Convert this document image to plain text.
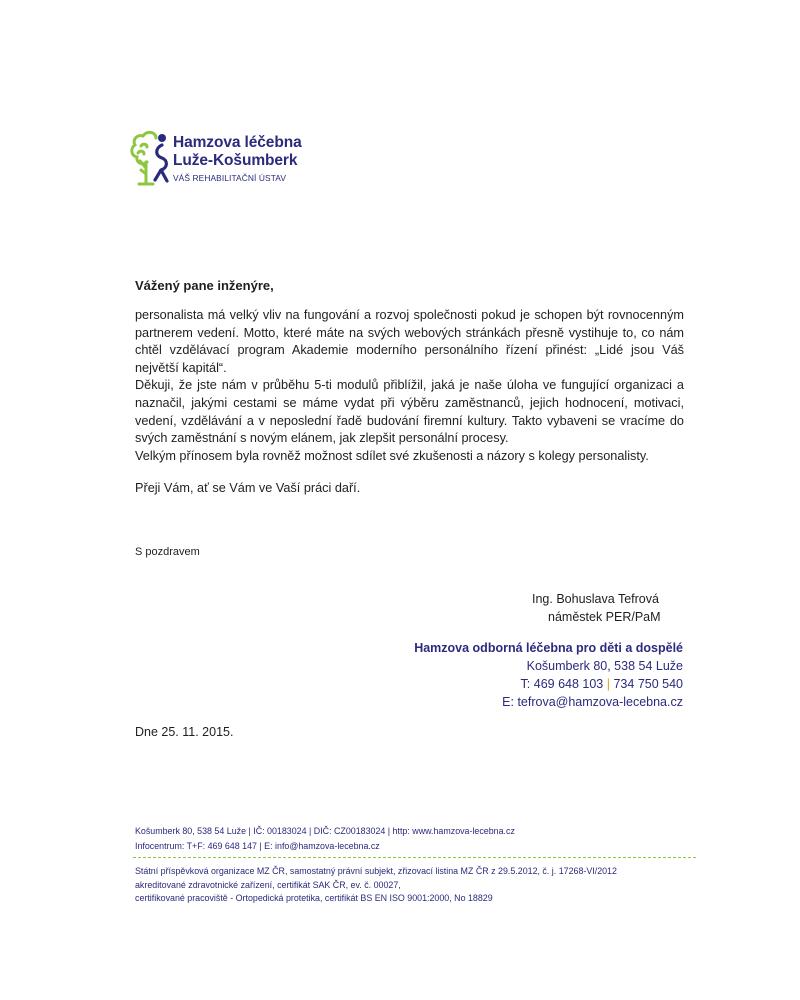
Hamzova léčebna
Luže-Košumberk
VÁŠ REHABILITAČNÍ ÚSTAV
Vážený pane inženýre,

personalista má velký vliv na fungování a rozvoj společnosti pokud je schopen být rovnocenným partnerem vedení. Motto, které máte na svých webových stránkách přesně vystihuje to, co nám chtěl vzdělávací program Akademie moderního personálního řízení přinést: „Lidé jsou Váš největší kapitál“.

Děkuji, že jste nám v průběhu 5-ti modulů přiblížil, jaká je naše úloha ve fungující organizaci a naznačil, jakými cestami se máme vydat při výběru zaměstnanců, jejich hodnocení, motivaci, vedení, vzdělávání a v neposlední řadě budování firemní kultury. Takto vybaveni se vracíme do svých zaměstnání s novým elánem, jak zlepšit personální procesy.

Velkým přínosem byla rovněž možnost sdílet své zkušenosti a názory s kolegy personalisty.

Přeji Vám, ať se Vám ve Vaší práci daří.
S pozdravem
Ing. Bohuslava Tefrová
náměstek PER/PaM
Hamzova odborná léčebna pro děti a dospělé
Košumberk 80, 538 54 Luže
T: 469 648 103 | 734 750 540
E: tefrova@hamzova-lecebna.cz
Dne 25. 11. 2015.
Košumberk 80, 538 54 Luže | IČ: 00183024 | DIČ: CZ00183024 | http: www.hamzova-lecebna.cz
Infocentrum: T+F: 469 648 147 | E: info@hamzova-lecebna.cz
Státní příspěvková organizace MZ ČR, samostatný právní subjekt, zřizovací listina MZ ČR z 29.5.2012, č. j. 17268-VI/2012
akreditované zdravotnické zařízení, certifikát SAK ČR, ev. č. 00027,
certifikované pracoviště - Ortopedická protetika, certifikát BS EN ISO 9001:2000, No 18829
